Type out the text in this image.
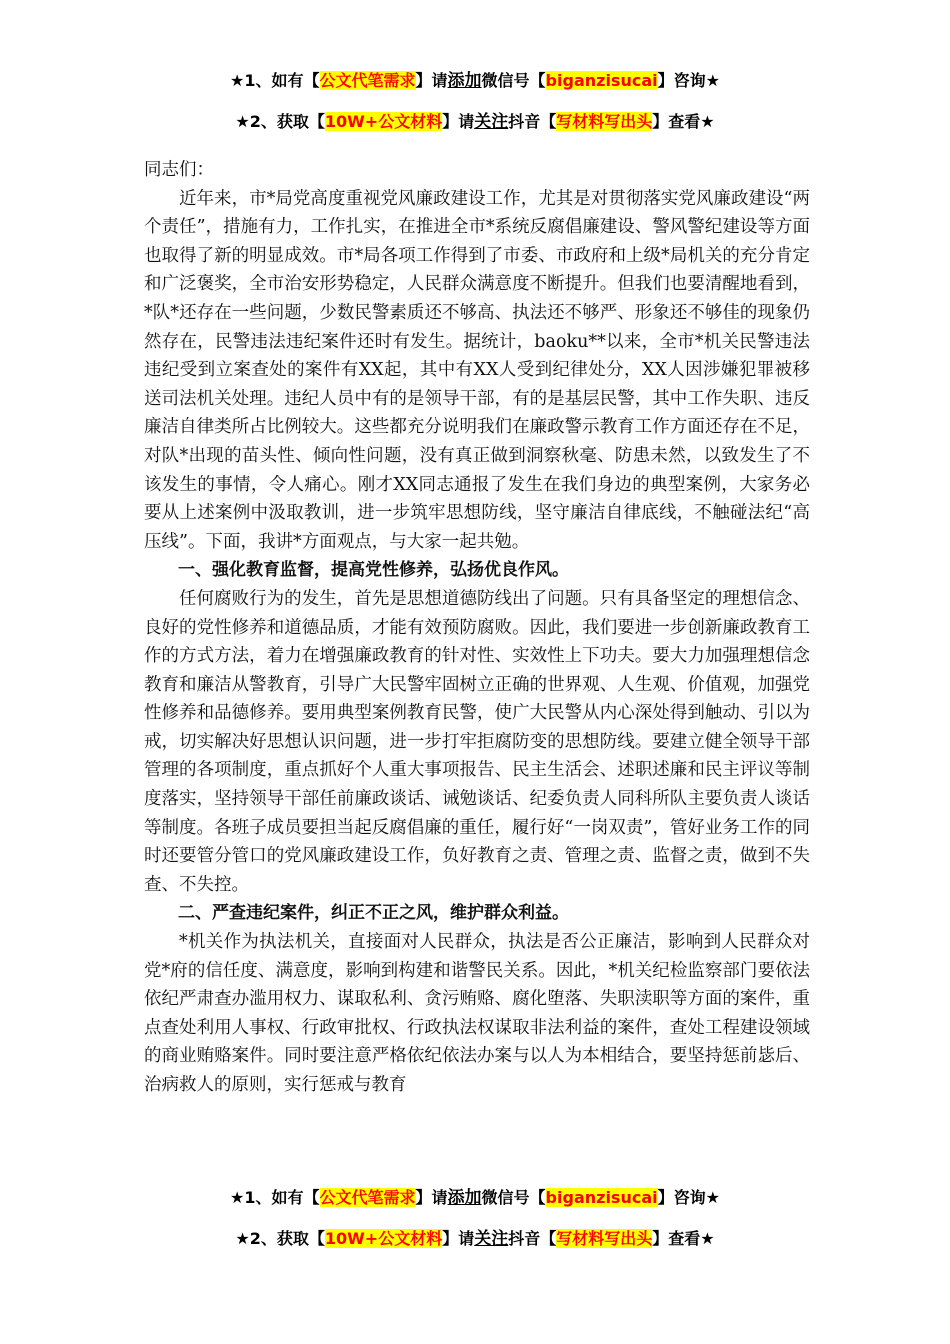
★1、如有【公文代笔需求】请添加微信号【biganzisucai】咨询★
★2、获取【10W+公文材料】请关注抖音【写材料写出头】查看★

同志们：

近年来，市*局党高度重视党风廉政建设工作，尤其是对贯彻落实党风廉政建设“两个责任”，措施有力，工作扎实，在推进全市*系统反腐倡廉建设、警风警纪建设等方面也取得了新的明显成效。市*局各项工作得到了市委、市政府和上级*局机关的充分肯定和广泛褒奖，全市治安形势稳定，人民群众满意度不断提升。但我们也要清醒地看到，*队*还存在一些问题，少数民警素质还不够高、执法还不够严、形象还不够佳的现象仍然存在，民警违法违纪案件还时有发生。据统计，baoku**以来，全市*机关民警违法违纪受到立案查处的案件有XX起，其中有XX人受到纪律处分，XX人因涉嫌犯罪被移送司法机关处理。违纪人员中有的是领导干部，有的是基层民警，其中工作失职、违反廉洁自律类所占比例较大。这些都充分说明我们在廉政警示教育工作方面还存在不足，对队*出现的苗头性、倾向性问题，没有真正做到洞察秋毫、防患未然，以致发生了不该发生的事情，令人痛心。刚才XX同志通报了发生在我们身边的典型案例，大家务必要从上述案例中汲取教训，进一步筑牢思想防线，坚守廉洁自律底线，不触碰法纪“高压线”。下面，我讲*方面观点，与大家一起共勉。

一、强化教育监督，提高党性修养，弘扬优良作风。

任何腐败行为的发生，首先是思想道德防线出了问题。只有具备坚定的理想信念、良好的党性修养和道德品质，才能有效预防腐败。因此，我们要进一步创新廉政教育工作的方式方法，着力在增强廉政教育的针对性、实效性上下功夫。要大力加强理想信念教育和廉洁从警教育，引导广大民警牢固树立正确的世界观、人生观、价值观，加强党性修养和品德修养。要用典型案例教育民警，使广大民警从内心深处得到触动、引以为戒，切实解决好思想认识问题，进一步打牢拒腐防变的思想防线。要建立健全领导干部管理的各项制度，重点抓好个人重大事项报告、民主生活会、述职述廉和民主评议等制度落实，坚持领导干部任前廉政谈话、诫勉谈话、纪委负责人同科所队主要负责人谈话等制度。各班子成员要担当起反腐倡廉的重任，履行好“一岗双责”，管好业务工作的同时还要管分管口的党风廉政建设工作，负好教育之责、管理之责、监督之责，做到不失查、不失控。

二、严查违纪案件，纠正不正之风，维护群众利益。

*机关作为执法机关，直接面对人民群众，执法是否公正廉洁，影响到人民群众对党*府的信任度、满意度，影响到构建和谐警民关系。因此，*机关纪检监察部门要依法依纪严肃查办滥用权力、谋取私利、贪污贿赂、腐化堕落、失职渎职等方面的案件，重点查处利用人事权、行政审批权、行政执法权谋取非法利益的案件，查处工程建设领域的商业贿赂案件。同时要注意严格依纪依法办案与以人为本相结合，要坚持惩前毖后、治病救人的原则，实行惩戒与教育

★1、如有【公文代笔需求】请添加微信号【biganzisucai】咨询★
★2、获取【10W+公文材料】请关注抖音【写材料写出头】查看★
